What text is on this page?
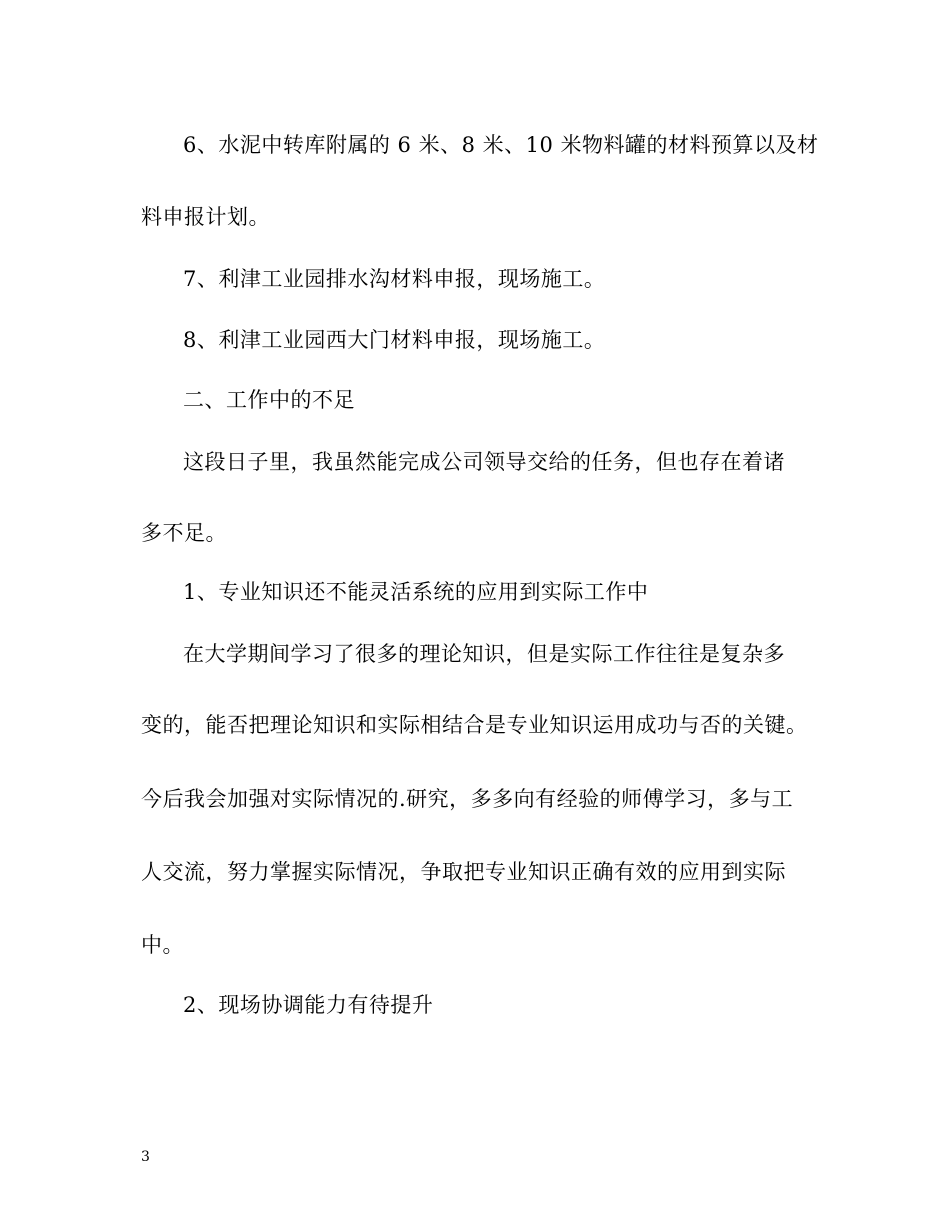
6、水泥中转库附属的 6 米、8 米、10 米物料罐的材料预算以及材
料申报计划。
7、利津工业园排水沟材料申报，现场施工。
8、利津工业园西大门材料申报，现场施工。
二、工作中的不足
这段日子里，我虽然能完成公司领导交给的任务，但也存在着诸
多不足。
1、专业知识还不能灵活系统的应用到实际工作中
在大学期间学习了很多的理论知识，但是实际工作往往是复杂多
变的，能否把理论知识和实际相结合是专业知识运用成功与否的关键。
今后我会加强对实际情况的.研究，多多向有经验的师傅学习，多与工
人交流，努力掌握实际情况，争取把专业知识正确有效的应用到实际
中。
2、现场协调能力有待提升
3
